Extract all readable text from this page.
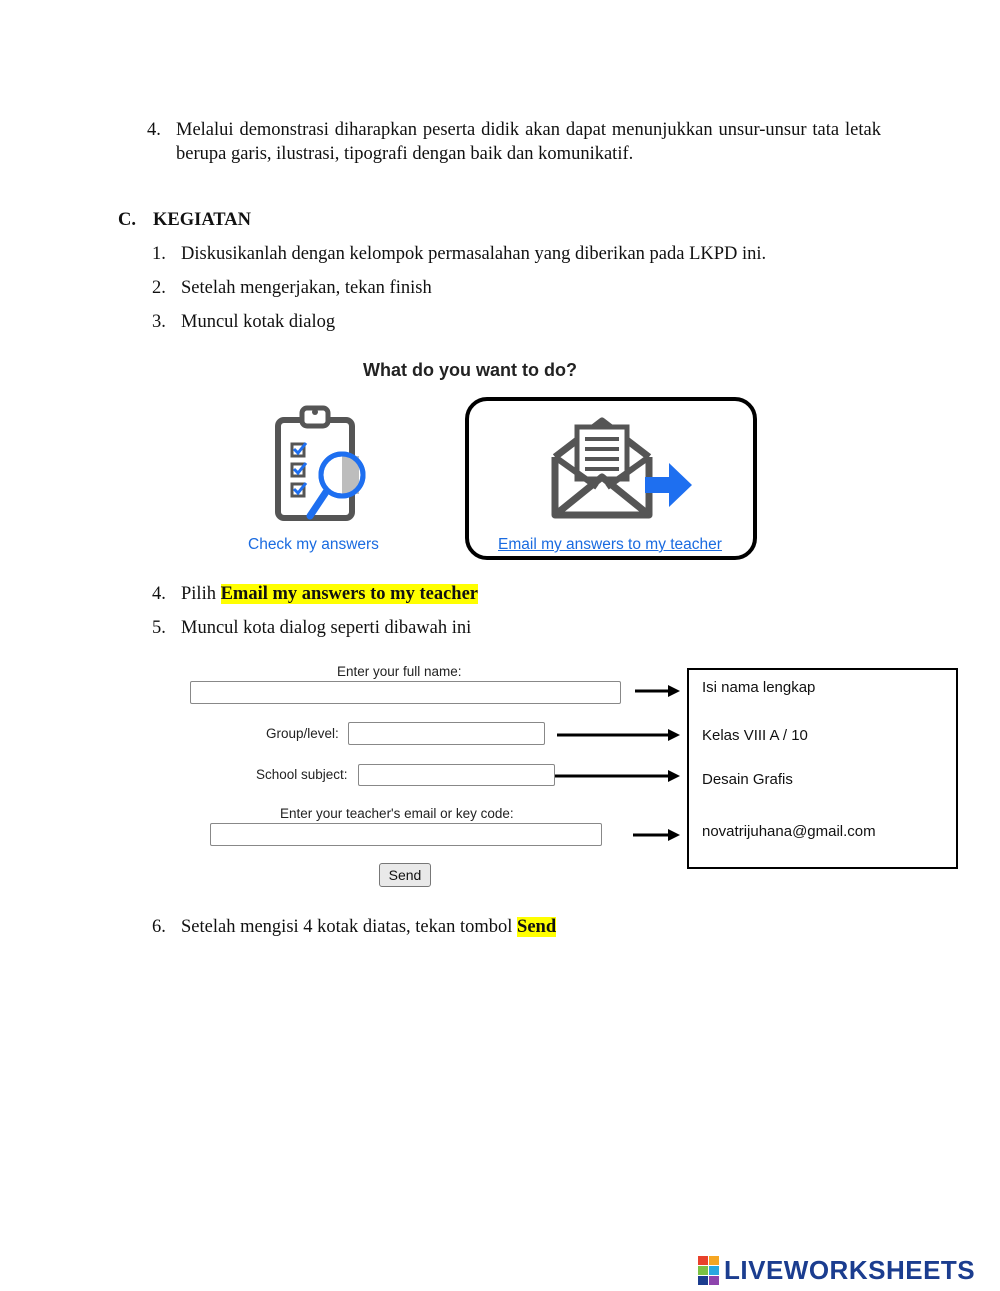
4. Melalui demonstrasi diharapkan peserta didik akan dapat menunjukkan unsur-unsur tata letak berupa garis, ilustrasi, tipografi dengan baik dan komunikatif.
C. KEGIATAN
1. Diskusikanlah dengan kelompok permasalahan yang diberikan pada LKPD ini.
2. Setelah mengerjakan, tekan finish
3. Muncul kotak dialog
What do you want to do?
Check my answers	Email my answers to my teacher
4. Pilih Email my answers to my teacher
5. Muncul kota dialog seperti dibawah ini
Enter your full name:
Group/level:
School subject:
Enter your teacher's email or key code:
Send
Isi nama lengkap
Kelas VIII A / 10
Desain Grafis
novatrijuhana@gmail.com
6. Setelah mengisi 4 kotak diatas, tekan tombol Send
LIVEWORKSHEETS
